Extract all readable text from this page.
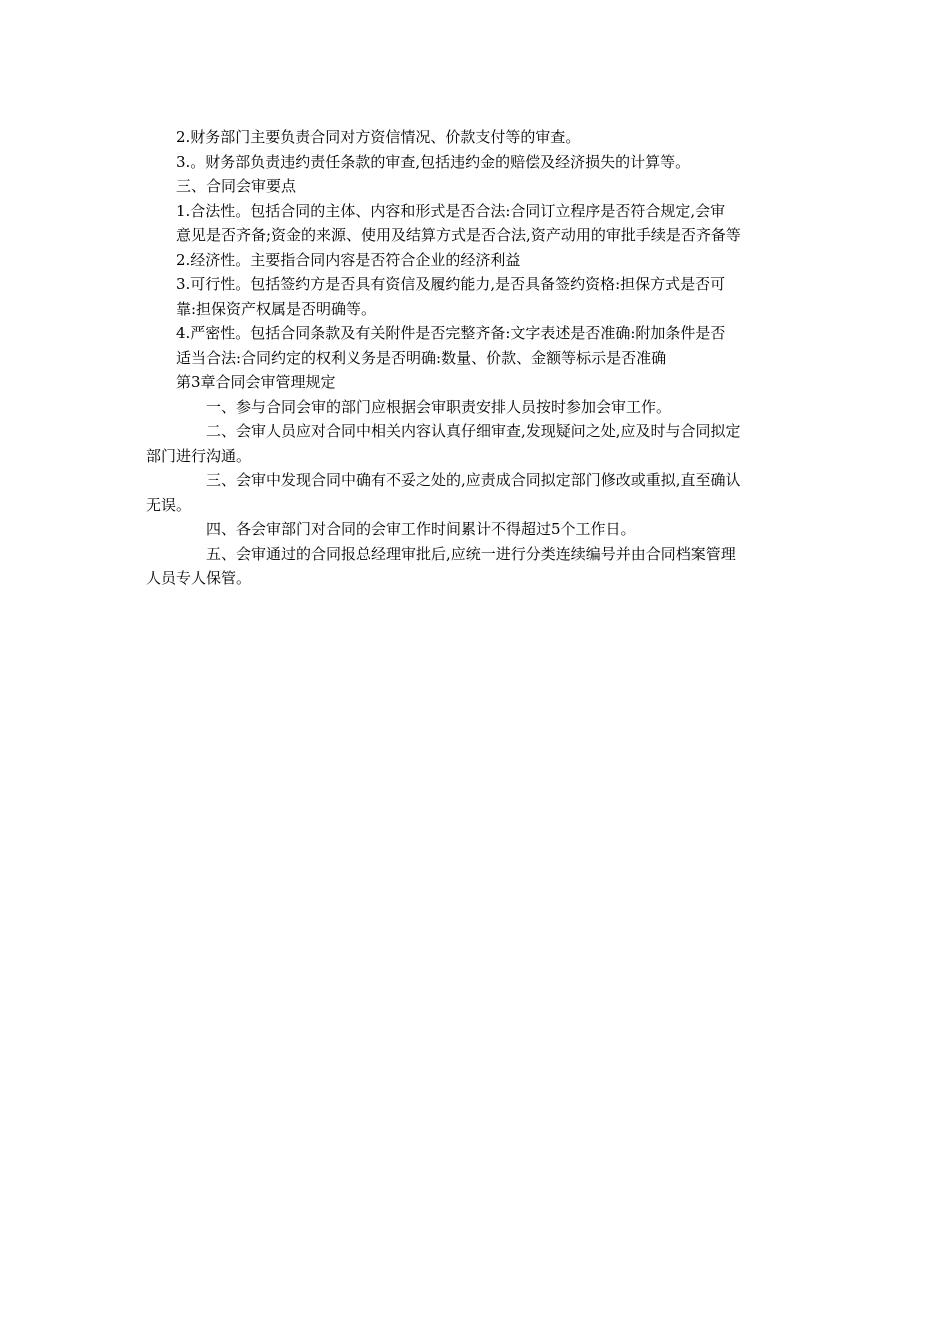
2.财务部门主要负责合同对方资信情况、价款支付等的审查。
3.。财务部负责违约责任条款的审查,包括违约金的赔偿及经济损失的计算等。
三、合同会审要点
1.合法性。包括合同的主体、内容和形式是否合法:合同订立程序是否符合规定,会审
意见是否齐备;资金的来源、使用及结算方式是否合法,资产动用的审批手续是否齐备等
2.经济性。主要指合同内容是否符合企业的经济利益
3.可行性。包括签约方是否具有资信及履约能力,是否具备签约资格:担保方式是否可
靠:担保资产权属是否明确等。
4.严密性。包括合同条款及有关附件是否完整齐备:文字表述是否准确:附加条件是否
适当合法:合同约定的权利义务是否明确:数量、价款、金额等标示是否准确
第3章合同会审管理规定
一、参与合同会审的部门应根据会审职责安排人员按时参加会审工作。
二、会审人员应对合同中相关内容认真仔细审查,发现疑问之处,应及时与合同拟定
部门进行沟通。
三、会审中发现合同中确有不妥之处的,应责成合同拟定部门修改或重拟,直至确认
无误。
四、各会审部门对合同的会审工作时间累计不得超过5个工作日。
五、会审通过的合同报总经理审批后,应统一进行分类连续编号并由合同档案管理
人员专人保管。
